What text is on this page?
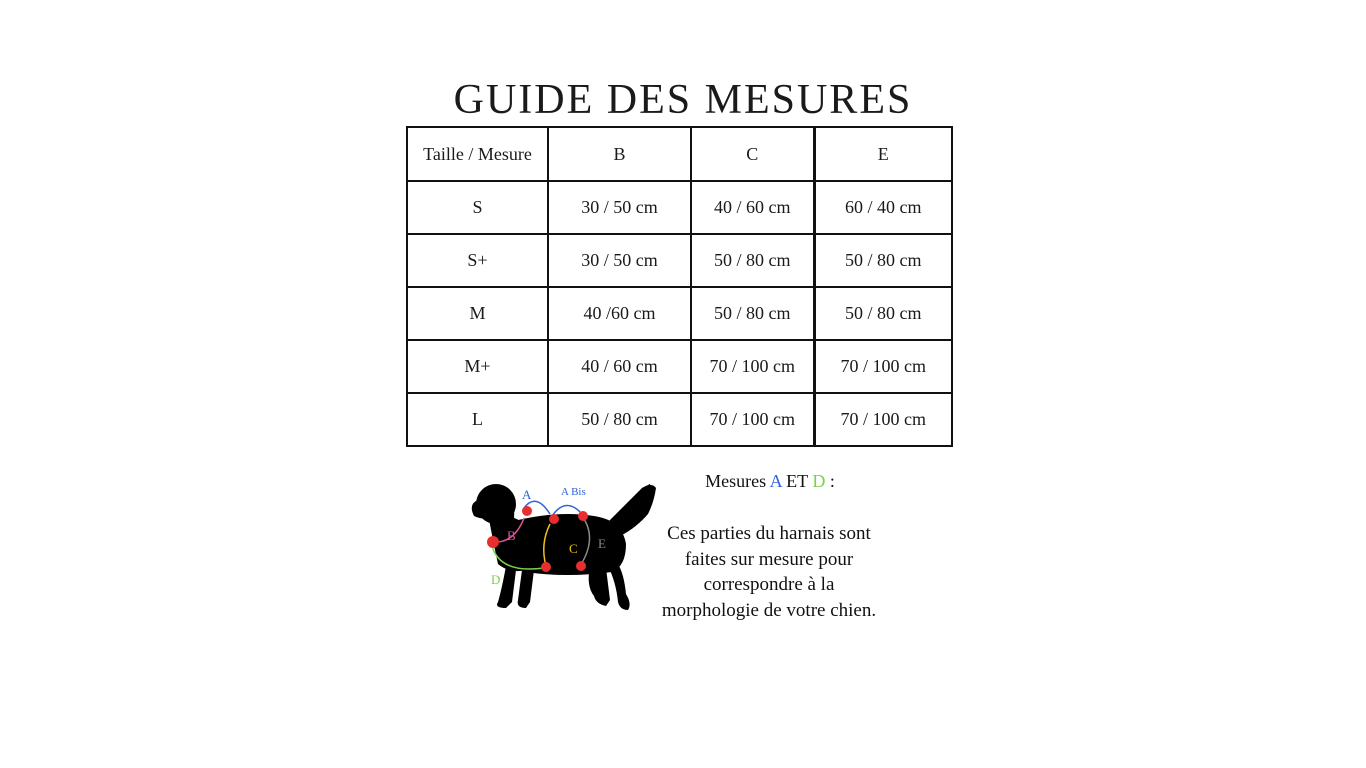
GUIDE DES MESURES
Taille / Mesure	B	C	E
S	30 / 50 cm	40 / 60 cm	60 / 40 cm
S+	30 / 50 cm	50 / 80 cm	50 / 80 cm
M	40 /60 cm	50 / 80 cm	50 / 80 cm
M+	40 / 60 cm	70 / 100 cm	70 / 100 cm
L	50 / 80 cm	70 / 100 cm	70 / 100 cm
A	A Bis
B
C E
D
Mesures A ET D :
Ces parties du harnais sont
faites sur mesure pour
correspondre à la
morphologie de votre chien.
